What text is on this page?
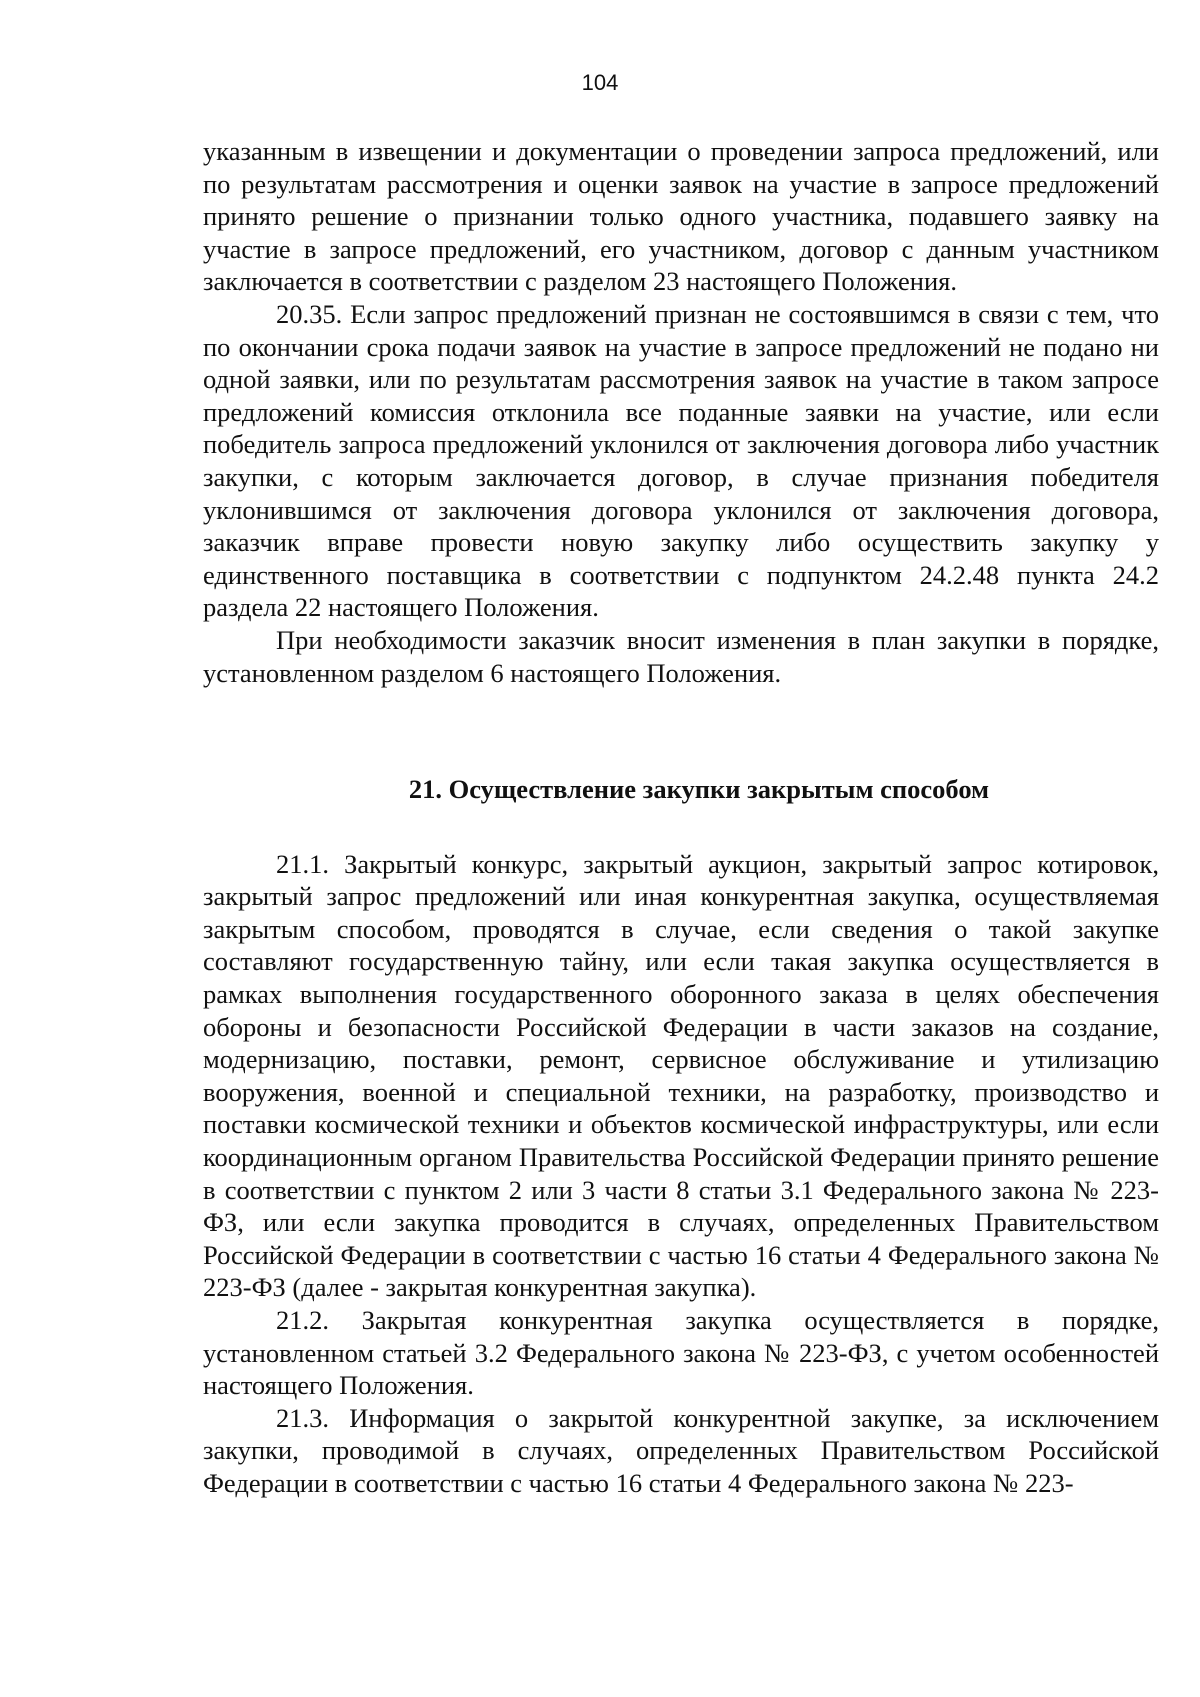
104

указанным в извещении и документации о проведении запроса предложений, или по результатам рассмотрения и оценки заявок на участие в запросе предложений принято решение о признании только одного участника, подавшего заявку на участие в запросе предложений, его участником, договор с данным участником заключается в соответствии с разделом 23 настоящего Положения.

20.35. Если запрос предложений признан не состоявшимся в связи с тем, что по окончании срока подачи заявок на участие в запросе предложений не подано ни одной заявки, или по результатам рассмотрения заявок на участие в таком запросе предложений комиссия отклонила все поданные заявки на участие, или если победитель запроса предложений уклонился от заключения договора либо участник закупки, с которым заключается договор, в случае признания победителя уклонившимся от заключения договора уклонился от заключения договора, заказчик вправе провести новую закупку либо осуществить закупку у единственного поставщика в соответствии с подпунктом 24.2.48 пункта 24.2 раздела 22 настоящего Положения.

При необходимости заказчик вносит изменения в план закупки в порядке, установленном разделом 6 настоящего Положения.

21. Осуществление закупки закрытым способом

21.1. Закрытый конкурс, закрытый аукцион, закрытый запрос котировок, закрытый запрос предложений или иная конкурентная закупка, осуществляемая закрытым способом, проводятся в случае, если сведения о такой закупке составляют государственную тайну, или если такая закупка осуществляется в рамках выполнения государственного оборонного заказа в целях обеспечения обороны и безопасности Российской Федерации в части заказов на создание, модернизацию, поставки, ремонт, сервисное обслуживание и утилизацию вооружения, военной и специальной техники, на разработку, производство и поставки космической техники и объектов космической инфраструктуры, или если координационным органом Правительства Российской Федерации принято решение в соответствии с пунктом 2 или 3 части 8 статьи 3.1 Федерального закона № 223-ФЗ, или если закупка проводится в случаях, определенных Правительством Российской Федерации в соответствии с частью 16 статьи 4 Федерального закона № 223-ФЗ (далее - закрытая конкурентная закупка).

21.2. Закрытая конкурентная закупка осуществляется в порядке, установленном статьей 3.2 Федерального закона № 223-ФЗ, с учетом особенностей настоящего Положения.

21.3. Информация о закрытой конкурентной закупке, за исключением закупки, проводимой в случаях, определенных Правительством Российской Федерации в соответствии с частью 16 статьи 4 Федерального закона № 223-
